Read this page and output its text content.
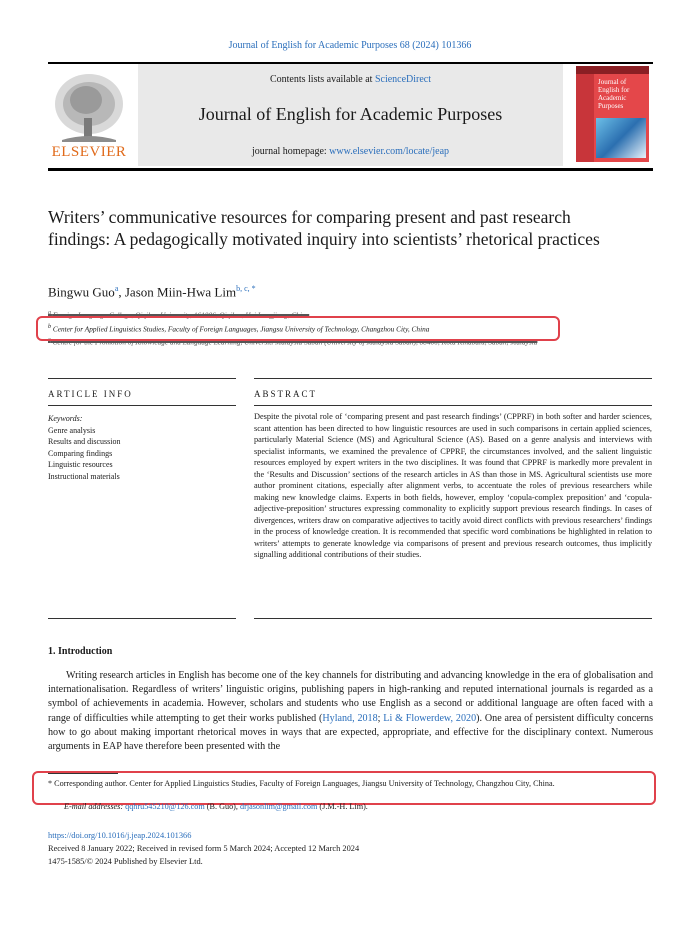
Journal of English for Academic Purposes 68 (2024) 101366
Contents lists available at ScienceDirect
Journal of English for Academic Purposes
journal homepage: www.elsevier.com/locate/jeap
ELSEVIER
Journal of English for Academic Purposes
Writers’ communicative resources for comparing present and past research findings: A pedagogically motivated inquiry into scientists’ rhetorical practices
Bingwu Guo$^a$, Jason Miin-Hwa Lim$^{b, c, *}$
$^a$ Foreign Language College, Qiqihar University, 161006, Qiqihar, Hei Longjiang, China
$^b$ Center for Applied Linguistics Studies, Faculty of Foreign Languages, Jiangsu University of Technology, Changzhou City, China
$^c$ Centre for the Promotion of Knowledge and Language Learning, Universiti Malaysia Sabah (University of Malaysia Sabah), 88400, Kota Kinabalu, Sabah, Malaysia
ARTICLE INFO	ABSTRACT
Keywords:
Genre analysis
Results and discussion
Comparing findings
Linguistic resources
Instructional materials
Despite the pivotal role of ‘comparing present and past research findings’ (CPPRF) in both softer and harder sciences, scant attention has been directed to how linguistic resources are used in such comparisons in certain applied sciences, particularly Material Science (MS) and Agricultural Science (AS). Based on a genre analysis and interviews with specialist informants, we examined the prevalence of CPPRF, the circumstances involved, and the salient linguistic resources employed by expert writers in the two disciplines. It was found that CPPRF is markedly more prevalent in the ‘Results and Discussion’ sections of the research articles in AS than those in MS. Agricultural scientists use more author prominent citations, especially after alignment verbs, to accentuate the roles of previous researchers while making new knowledge claims. Experts in both fields, however, employ ‘copula-complex preposition’ and ‘copula-adjective-preposition’ structures expressing commonality to explicitly support previous research findings. In cases of divergences, writers draw on comparative adjectives to tacitly avoid direct conflicts with previous researchers’ findings in the process of knowledge creation. It is recommended that specific word combinations be highlighted in relation to writers’ attempts to generate knowledge via comparisons of present and previous research outcomes, thus implicitly signalling additional contributions of their studies.
1. Introduction
Writing research articles in English has become one of the key channels for distributing and advancing knowledge in the era of globalisation and internationalisation. Regardless of writers’ linguistic origins, publishing papers in high-ranking and reputed international journals is regarded as a symbol of achievements in academia. However, scholars and students who use English as a second or additional language are often faced with a range of difficulties while attempting to get their works published (Hyland, 2018; Li & Flowerdew, 2020). One area of persistent difficulty concerns how to go about making important rhetorical moves in ways that are expected, appropriate, and effective for the disciplinary context. Numerous arguments in EAP have therefore been presented with the
* Corresponding author. Center for Applied Linguistics Studies, Faculty of Foreign Languages, Jiangsu University of Technology, Changzhou City, China.
E-mail addresses: qqhru545210@126.com (B. Guo), drjasonlim@gmail.com (J.M.-H. Lim).
https://doi.org/10.1016/j.jeap.2024.101366
Received 8 January 2022; Received in revised form 5 March 2024; Accepted 12 March 2024
1475-1585/© 2024 Published by Elsevier Ltd.
